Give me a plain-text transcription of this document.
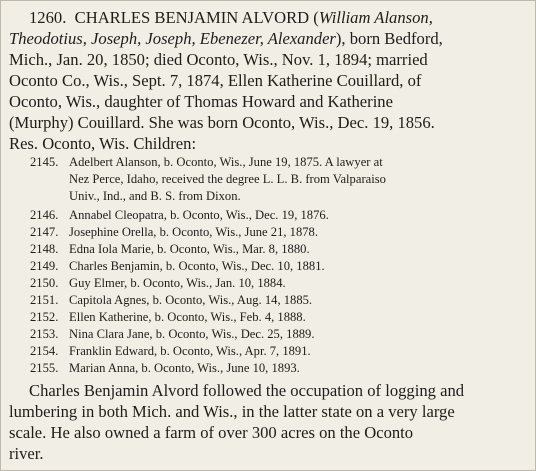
1260. CHARLES BENJAMIN ALVORD (William Alanson,
Theodotius, Joseph, Joseph, Ebenezer, Alexander), born Bedford,
Mich., Jan. 20, 1850; died Oconto, Wis., Nov. 1, 1894; married
Oconto Co., Wis., Sept. 7, 1874, Ellen Katherine Couillard, of
Oconto, Wis., daughter of Thomas Howard and Katherine
(Murphy) Couillard. She was born Oconto, Wis., Dec. 19, 1856.
Res. Oconto, Wis. Children:
2145. Adelbert Alanson, b. Oconto, Wis., June 19, 1875. A lawyer at
Nez Perce, Idaho, received the degree L. L. B. from Valparaiso
Univ., Ind., and B. S. from Dixon.
2146. Annabel Cleopatra, b. Oconto, Wis., Dec. 19, 1876.
2147. Josephine Orella, b. Oconto, Wis., June 21, 1878.
2148. Edna Iola Marie, b. Oconto, Wis., Mar. 8, 1880.
2149. Charles Benjamin, b. Oconto, Wis., Dec. 10, 1881.
2150. Guy Elmer, b. Oconto, Wis., Jan. 10, 1884.
2151. Capitola Agnes, b. Oconto, Wis., Aug. 14, 1885.
2152. Ellen Katherine, b. Oconto, Wis., Feb. 4, 1888.
2153. Nina Clara Jane, b. Oconto, Wis., Dec. 25, 1889.
2154. Franklin Edward, b. Oconto, Wis., Apr. 7, 1891.
2155. Marian Anna, b. Oconto, Wis., June 10, 1893.
Charles Benjamin Alvord followed the occupation of logging and
lumbering in both Mich. and Wis., in the latter state on a very large
scale. He also owned a farm of over 300 acres on the Oconto
river.
